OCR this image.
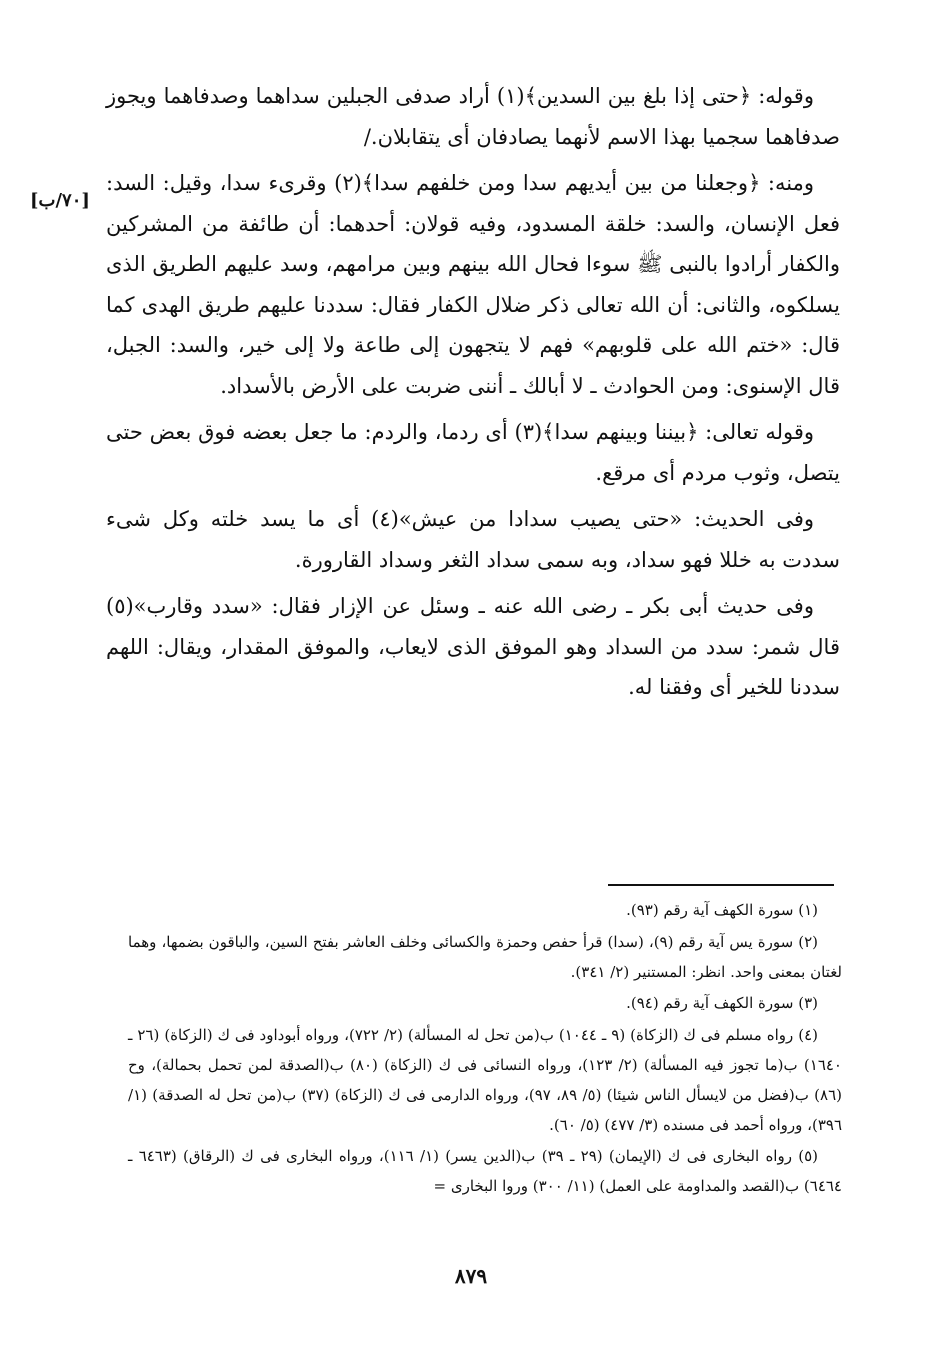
[٧٠/ب]

وقوله: ﴿حتى إذا بلغ بين السدين﴾(١) أراد صدفى الجبلين سداهما وصدفاهما ويجوز صدفاهما سجميا بهذا الاسم لأنهما يصادفان أى يتقابلان./

ومنه: ﴿وجعلنا من بين أيديهم سدا ومن خلفهم سدا﴾(٢) وقرىء سدا، وقيل: السد: فعل الإنسان، والسد: خلقة المسدود، وفيه قولان: أحدهما: أن طائفة من المشركين والكفار أرادوا بالنبى ﷺ سوءا فحال الله بينهم وبين مرامهم، وسد عليهم الطريق الذى يسلكوه، والثانى: أن الله تعالى ذكر ضلال الكفار فقال: سددنا عليهم طريق الهدى كما قال: «ختم الله على قلوبهم» فهم لا يتجهون إلى طاعة ولا إلى خير، والسد: الجبل، قال الإسنوى: ومن الحوادث ـ لا أبالك ـ أننى ضربت على الأرض بالأسداد.

وقوله تعالى: ﴿بيننا وبينهم سدا﴾(٣) أى ردما، والردم: ما جعل بعضه فوق بعض حتى يتصل، وثوب مردم أى مرقع.

وفى الحديث: «حتى يصيب سدادا من عيش»(٤) أى ما يسد خلته وكل شىء سددت به خللا فهو سداد، وبه سمى سداد الثغر وسداد القارورة.

وفى حديث أبى بكر ـ رضى الله عنه ـ وسئل عن الإزار فقال: «سدد وقارب»(٥) قال شمر: سدد من السداد وهو الموفق الذى لايعاب، والموفق المقدار، ويقال: اللهم سددنا للخير أى وفقنا له.

(١) سورة الكهف آية رقم (٩٣).

(٢) سورة يس آية رقم (٩)، (سدا) قرأ حفص وحمزة والكسائى وخلف العاشر بفتح السين، والباقون بضمها، وهما لغتان بمعنى واحد. انظر: المستنير (٢/ ٣٤١).

(٣) سورة الكهف آية رقم (٩٤).

(٤) رواه مسلم فى ك (الزكاة) (٩ ـ ١٠٤٤) ب(من تحل له المسألة) (٢/ ٧٢٢)، ورواه أبوداود فى ك (الزكاة) (٢٦ ـ ١٦٤٠) ب(ما تجوز فيه المسألة) (٢/ ١٢٣)، ورواه النسائى فى ك (الزكاة) (٨٠) ب(الصدقة لمن تحمل بحمالة)، وح (٨٦) ب(فضل من لايسأل الناس شيئا) (٥/ ٨٩، ٩٧)، ورواه الدارمى فى ك (الزكاة) (٣٧) ب(من تحل له الصدقة) (١/ ٣٩٦)، ورواه أحمد فى مسنده (٣/ ٤٧٧) (٥/ ٦٠).

(٥) رواه البخارى فى ك (الإيمان) (٢٩ ـ ٣٩) ب(الدين يسر) (١/ ١١٦)، ورواه البخارى فى ك (الرقاق) (٦٤٦٣ ـ ٦٤٦٤) ب(القصد والمداومة على العمل) (١١/ ٣٠٠) وروا البخارى =

٨٧٩
